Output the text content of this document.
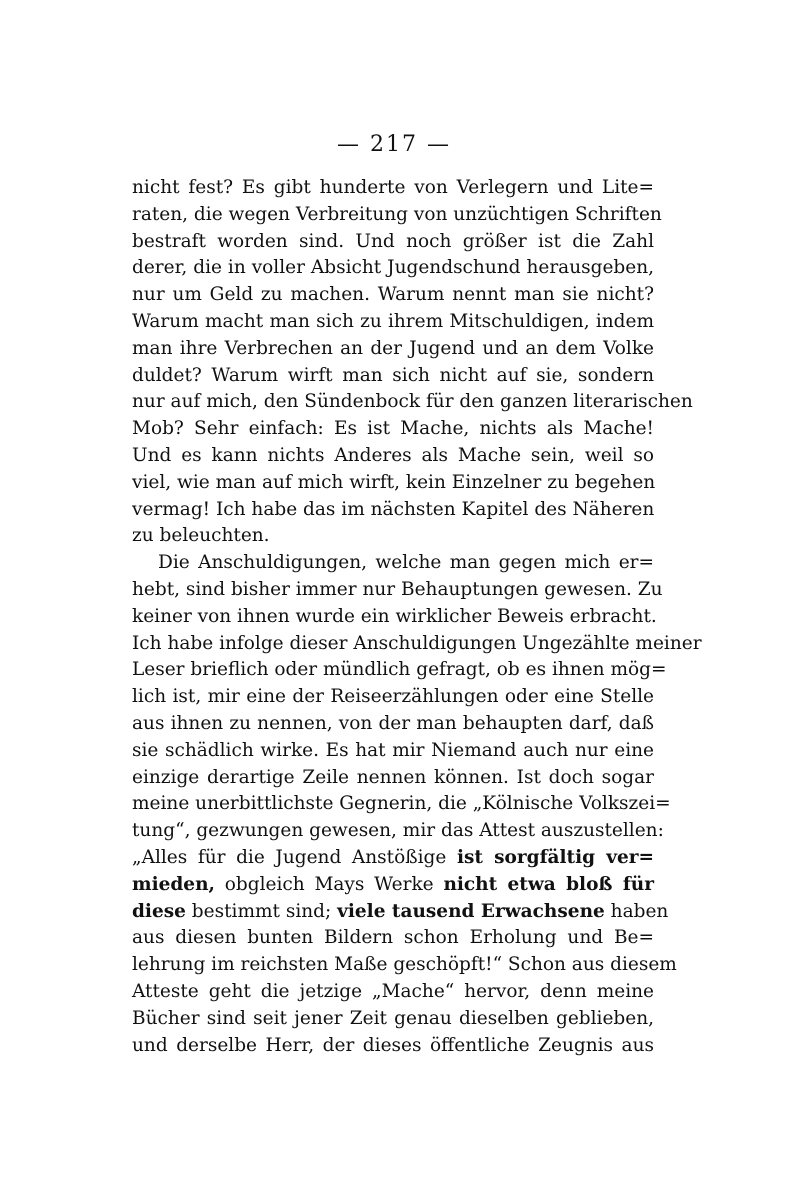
— 217 —
nicht fest? Es gibt hunderte von Verlegern und Lite=
raten, die wegen Verbreitung von unzüchtigen Schriften
bestraft worden sind. Und noch größer ist die Zahl
derer, die in voller Absicht Jugendschund herausgeben,
nur um Geld zu machen. Warum nennt man sie nicht?
Warum macht man sich zu ihrem Mitschuldigen, indem
man ihre Verbrechen an der Jugend und an dem Volke
duldet? Warum wirft man sich nicht auf sie, sondern
nur auf mich, den Sündenbock für den ganzen literarischen
Mob? Sehr einfach: Es ist Mache, nichts als Mache!
Und es kann nichts Anderes als Mache sein, weil so
viel, wie man auf mich wirft, kein Einzelner zu begehen
vermag! Ich habe das im nächsten Kapitel des Näheren
zu beleuchten.
Die Anschuldigungen, welche man gegen mich er=
hebt, sind bisher immer nur Behauptungen gewesen. Zu
keiner von ihnen wurde ein wirklicher Beweis erbracht.
Ich habe infolge dieser Anschuldigungen Ungezählte meiner
Leser brieflich oder mündlich gefragt, ob es ihnen mög=
lich ist, mir eine der Reiseerzählungen oder eine Stelle
aus ihnen zu nennen, von der man behaupten darf, daß
sie schädlich wirke. Es hat mir Niemand auch nur eine
einzige derartige Zeile nennen können. Ist doch sogar
meine unerbittlichste Gegnerin, die „Kölnische Volkszei=
tung“, gezwungen gewesen, mir das Attest auszustellen:
„Alles für die Jugend Anstößige ist sorgfältig ver=
mieden, obgleich Mays Werke nicht etwa bloß für
diese bestimmt sind; viele tausend Erwachsene haben
aus diesen bunten Bildern schon Erholung und Be=
lehrung im reichsten Maße geschöpft!“ Schon aus diesem
Atteste geht die jetzige „Mache“ hervor, denn meine
Bücher sind seit jener Zeit genau dieselben geblieben,
und derselbe Herr, der dieses öffentliche Zeugnis aus
